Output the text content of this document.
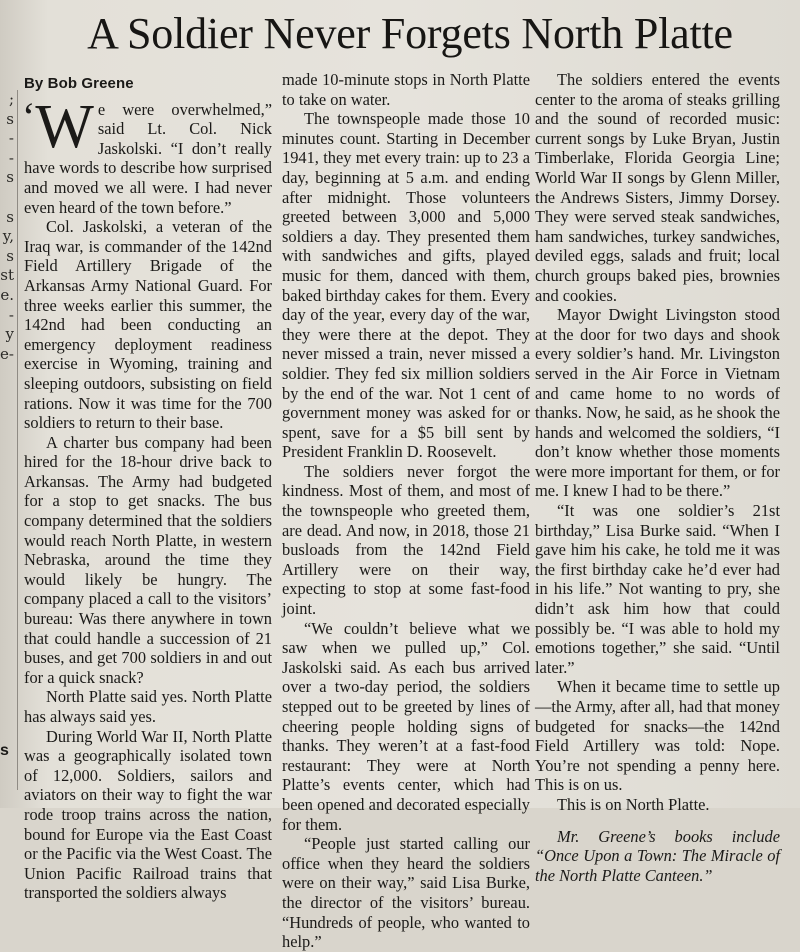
;
s
-
-
s

s
y,
s
st
e.
-
y
e-

s
A Soldier Never Forgets North Platte
By Bob Greene

‘W e were overwhelmed,” said Lt. Col. Nick Jaskolski. “I don’t really have words to describe how surprised and moved we all were. I had never even heard of the town before.”

Col. Jaskolski, a veteran of the Iraq war, is commander of the 142nd Field Artillery Brigade of the Arkansas Army National Guard. For three weeks earlier this summer, the 142nd had been conducting an emergency deployment readiness exercise in Wyoming, training and sleeping outdoors, subsisting on field rations. Now it was time for the 700 soldiers to return to their base.

A charter bus company had been hired for the 18-hour drive back to Arkansas. The Army had budgeted for a stop to get snacks. The bus company determined that the soldiers would reach North Platte, in western Nebraska, around the time they would likely be hungry. The company placed a call to the visitors’ bureau: Was there anywhere in town that could handle a succession of 21 buses, and get 700 soldiers in and out for a quick snack?

North Platte said yes. North Platte has always said yes.

During World War II, North Platte was a geographically isolated town of 12,000. Soldiers, sailors and aviators on their way to fight the war rode troop trains across the nation, bound for Europe via the East Coast or the Pacific via the West Coast. The Union Pacific Railroad trains that transported the soldiers always

made 10-minute stops in North Platte to take on water.

The townspeople made those 10 minutes count. Starting in December 1941, they met every train: up to 23 a day, beginning at 5 a.m. and ending after midnight. Those volunteers greeted between 3,000 and 5,000 soldiers a day. They presented them with sandwiches and gifts, played music for them, danced with them, baked birthday cakes for them. Every day of the year, every day of the war, they were there at the depot. They never missed a train, never missed a soldier. They fed six million soldiers by the end of the war. Not 1 cent of government money was asked for or spent, save for a $5 bill sent by President Franklin D. Roosevelt.

The soldiers never forgot the kindness. Most of them, and most of the townspeople who greeted them, are dead. And now, in 2018, those 21 busloads from the 142nd Field Artillery were on their way, expecting to stop at some fast-food joint.

“We couldn’t believe what we saw when we pulled up,” Col. Jaskolski said. As each bus arrived over a two-day period, the soldiers stepped out to be greeted by lines of cheering people holding signs of thanks. They weren’t at a fast-food restaurant: They were at North Platte’s events center, which had been opened and decorated especially for them.

“People just started calling our office when they heard the soldiers were on their way,” said Lisa Burke, the director of the visitors’ bureau. “Hundreds of people, who wanted to help.”

The soldiers entered the events center to the aroma of steaks grilling and the sound of recorded music: current songs by Luke Bryan, Justin Timberlake, Florida Georgia Line; World War II songs by Glenn Miller, the Andrews Sisters, Jimmy Dorsey. They were served steak sandwiches, ham sandwiches, turkey sandwiches, deviled eggs, salads and fruit; local church groups baked pies, brownies and cookies.

Mayor Dwight Livingston stood at the door for two days and shook every soldier’s hand. Mr. Livingston served in the Air Force in Vietnam and came home to no words of thanks. Now, he said, as he shook the hands and welcomed the soldiers, “I don’t know whether those moments were more important for them, or for me. I knew I had to be there.”

“It was one soldier’s 21st birthday,” Lisa Burke said. “When I gave him his cake, he told me it was the first birthday cake he’d ever had in his life.” Not wanting to pry, she didn’t ask him how that could possibly be. “I was able to hold my emotions together,” she said. “Until later.”

When it became time to settle up—the Army, after all, had that money budgeted for snacks—the 142nd Field Artillery was told: Nope. You’re not spending a penny here. This is on us.

This is on North Platte.

Mr. Greene’s books include “Once Upon a Town: The Miracle of the North Platte Canteen.”
